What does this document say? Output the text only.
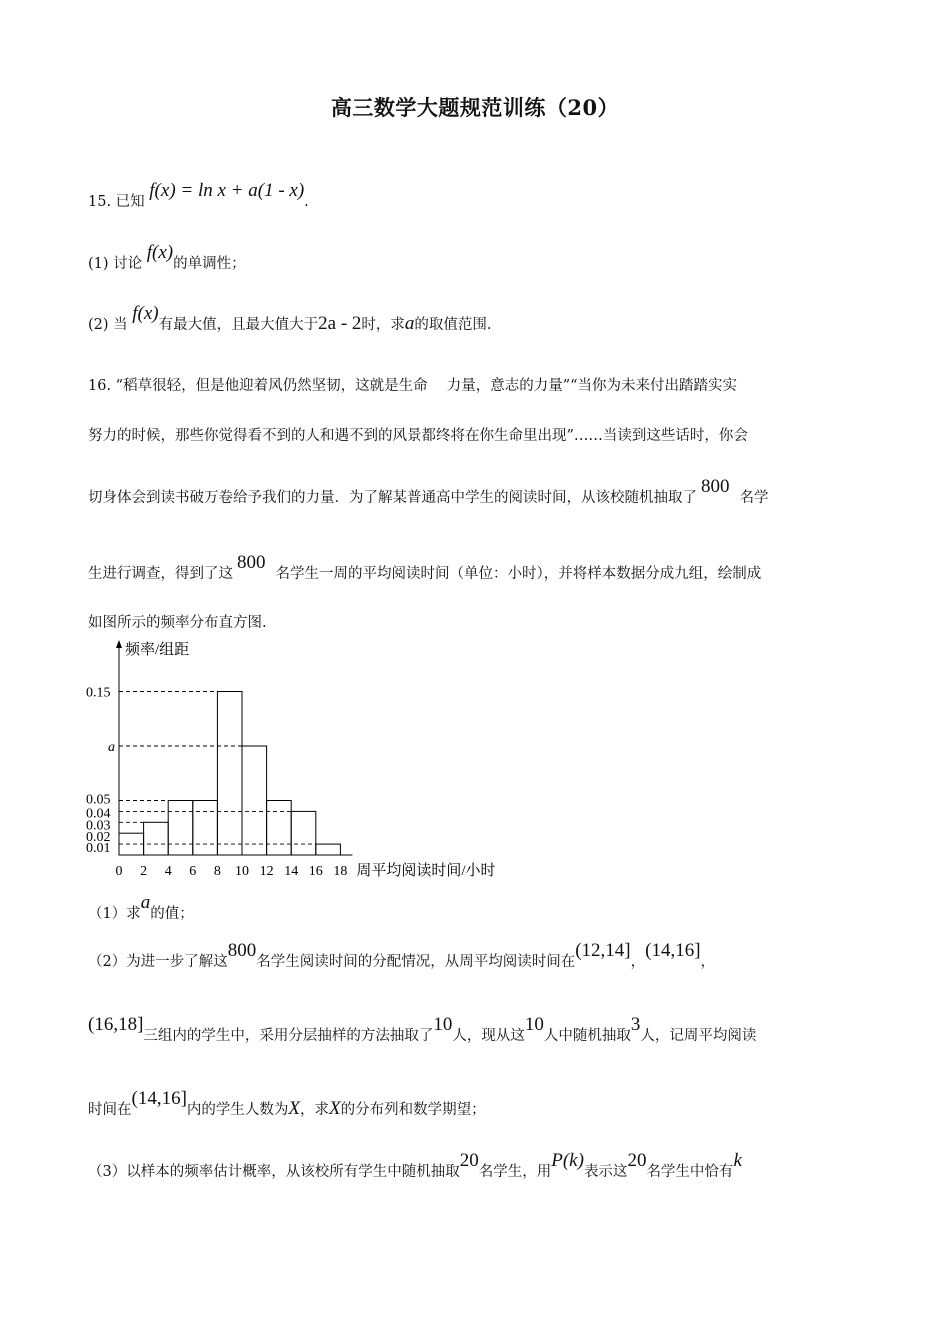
高三数学大题规范训练（20）
15. 已知 f(x) = ln x + a(1 - x).
(1) 讨论 f(x)的单调性；
(2) 当 f(x)有最大值，且最大值大于2a - 2时，求a的取值范围.
16. “稻草很轻，但是他迎着风仍然坚韧，这就是生命　 力量，意志的力量”“当你为未来付出踏踏实实
努力的时候，那些你觉得看不到的人和遇不到的风景都终将在你生命里出现”……当读到这些话时，你会
切身体会到读书破万卷给予我们的力量．为了解某普通高中学生的阅读时间，从该校随机抽取了800名学
生进行调查，得到了这800名学生一周的平均阅读时间（单位：小时），并将样本数据分成九组，绘制成
如图所示的频率分布直方图.
频率/组距
周平均阅读时间/小时
0.15
a
0.05
0.04
0.03
0.02
0.01
0 2 4 6 8 10 12 14 16 18
（1）求a的值；
（2）为进一步了解这800名学生阅读时间的分配情况，从周平均阅读时间在(12,14]，(14,16]，
(16,18]三组内的学生中，采用分层抽样的方法抽取了10人，现从这10人中随机抽取3人，记周平均阅读
时间在(14,16]内的学生人数为X，求X的分布列和数学期望；
（3）以样本的频率估计概率，从该校所有学生中随机抽取20名学生，用P(k)表示这20名学生中恰有k
